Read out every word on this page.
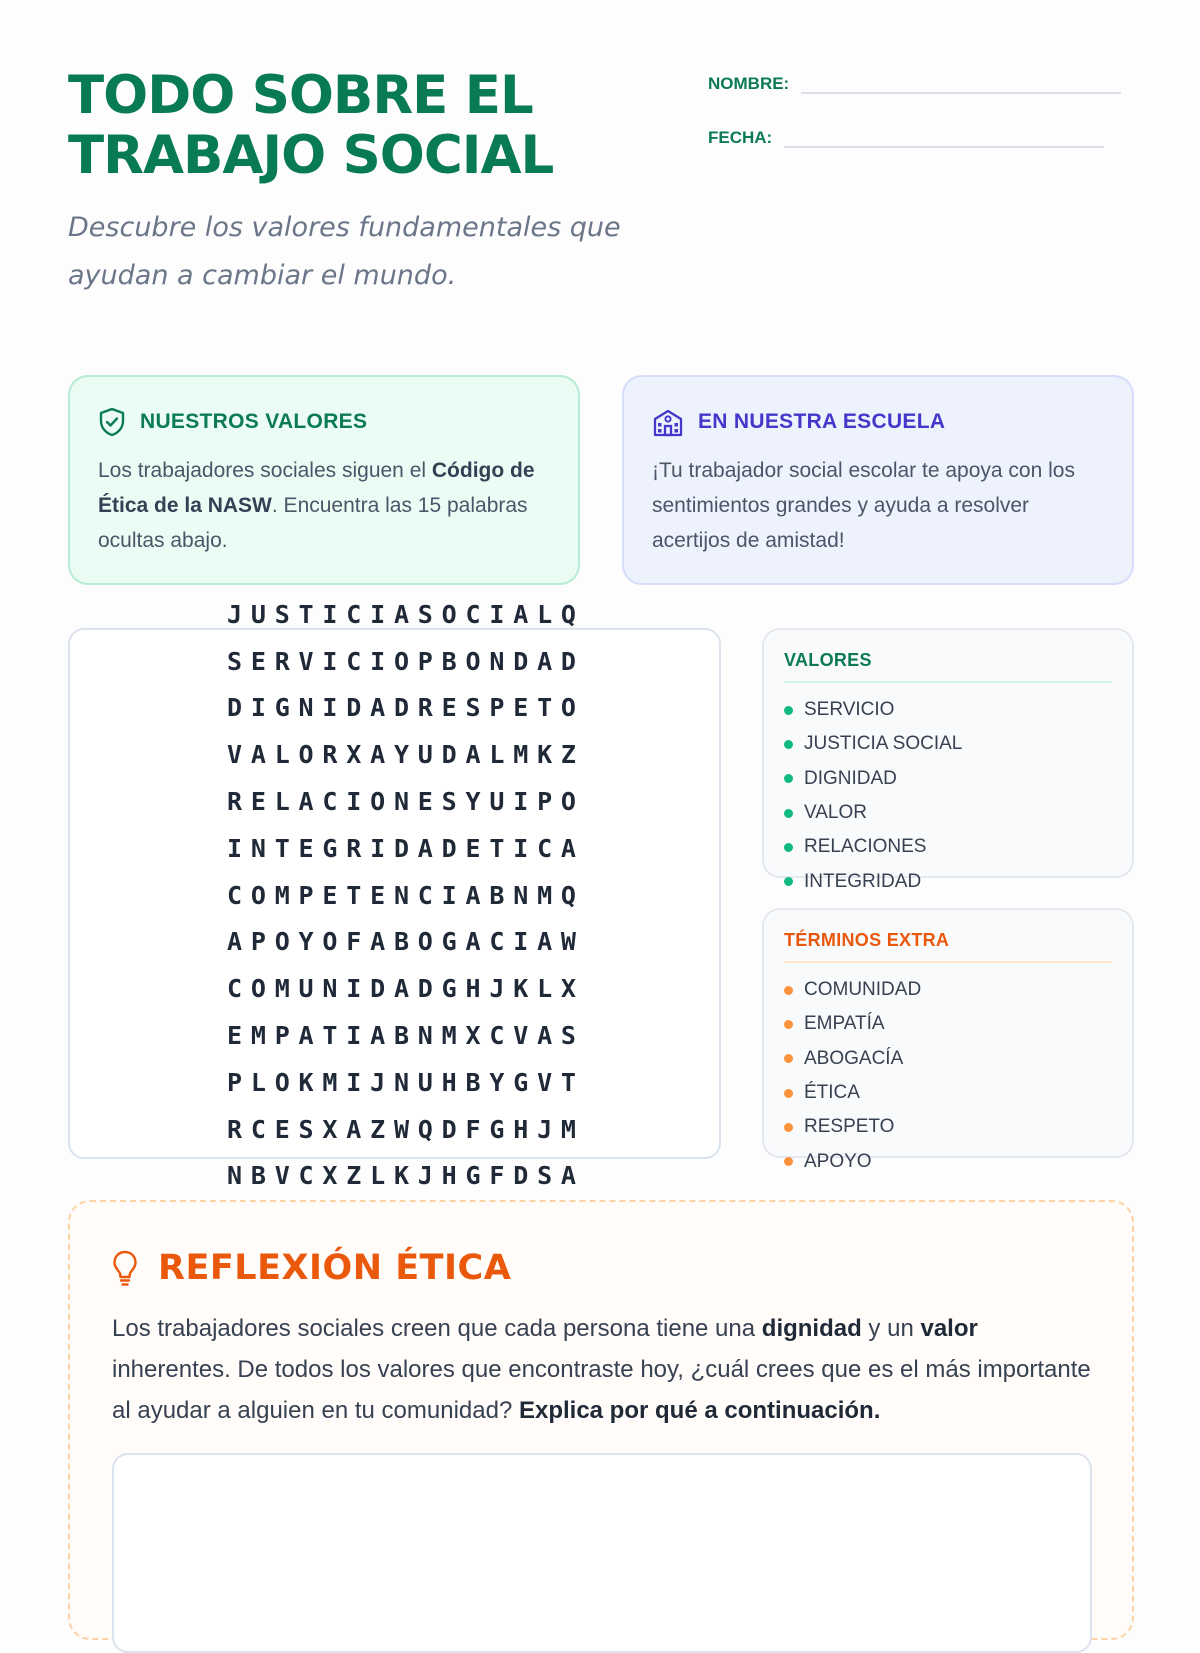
TODO SOBRE EL
TRABAJO SOCIAL
Descubre los valores fundamentales que ayudan a cambiar el mundo.
NOMBRE:
FECHA:
NUESTROS VALORES

Los trabajadores sociales siguen el Código de Ética de la NASW. Encuentra las 15 palabras ocultas abajo.

EN NUESTRA ESCUELA

¡Tu trabajador social escolar te apoya con los sentimientos grandes y ayuda a resolver acertijos de amistad!

JUSTICIASOCIALQ
SERVICIOPBONDAD
DIGNIDADRESPETO
VALORXAYUDALMKZ
RELACIONESYUIPO
INTEGRIDADETICA
COMPETENCIABNMQ
APOYOFABOGACIAW
COMUNIDADGHJKLX
EMPATIABNMXCVAS
PLOKMIJNUHBYGVT
RCESXAZWQDFGHJM
NBVCXZLKJHGFDSA
VALORES
SERVICIO
JUSTICIA SOCIAL
DIGNIDAD
VALOR
RELACIONES
INTEGRIDAD
TÉRMINOS EXTRA
COMUNIDAD
EMPATÍA
ABOGACÍA
ÉTICA
RESPETO
APOYO
REFLEXIÓN ÉTICA

Los trabajadores sociales creen que cada persona tiene una dignidad y un valor inherentes. De todos los valores que encontraste hoy, ¿cuál crees que es el más importante al ayudar a alguien en tu comunidad? Explica por qué a continuación.
